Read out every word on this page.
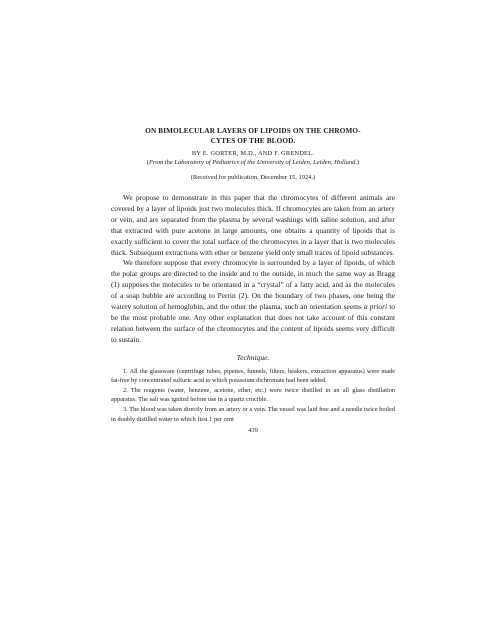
ON BIMOLECULAR LAYERS OF LIPOIDS ON THE CHROMO-
CYTES OF THE BLOOD.
BY E. GORTER, M.D., AND F. GRENDEL.
(From the Laboratory of Pediatrics of the University of Leiden, Leiden, Holland.)
(Received for publication, December 15, 1924.)

We propose to demonstrate in this paper that the chromocytes of different animals are covered by a layer of lipoids just two molecules thick. If chromocytes are taken from an artery or vein, and are separated from the plasma by several washings with saline solution, and after that extracted with pure acetone in large amounts, one obtains a quantity of lipoids that is exactly sufficient to cover the total surface of the chromocytes in a layer that is two molecules thick. Subsequent extractions with ether or benzene yield only small traces of lipoid substances.

We therefore suppose that every chromocyte is surrounded by a layer of lipoids, of which the polar groups are directed to the inside and to the outside, in much the same way as Bragg (1) supposes the molecules to be orientated in a “crystal” of a fatty acid, and as the molecules of a soap bubble are according to Perrin (2). On the boundary of two phases, one being the watery solution of hemoglobin, and the other the plasma, such an orientation seems a priori to be the most probable one. Any other explanation that does not take account of this constant relation between the surface of the chromocytes and the content of lipoids seems very difficult to sustain.

Technique.

1. All the glassware (centrifuge tubes, pipettes, funnels, filters, beakers, extraction apparatus) were made fat-free by concentrated sulfuric acid to which potassium dichromate had been added.

2. The reagents (water, benzene, acetone, ether, etc.) were twice distilled in an all glass distillation apparatus. The salt was ignited before use in a quartz crucible.

3. The blood was taken directly from an artery or a vein. The vessel was laid free and a needle twice boiled in doubly distilled water to which first 1 per cent

439
